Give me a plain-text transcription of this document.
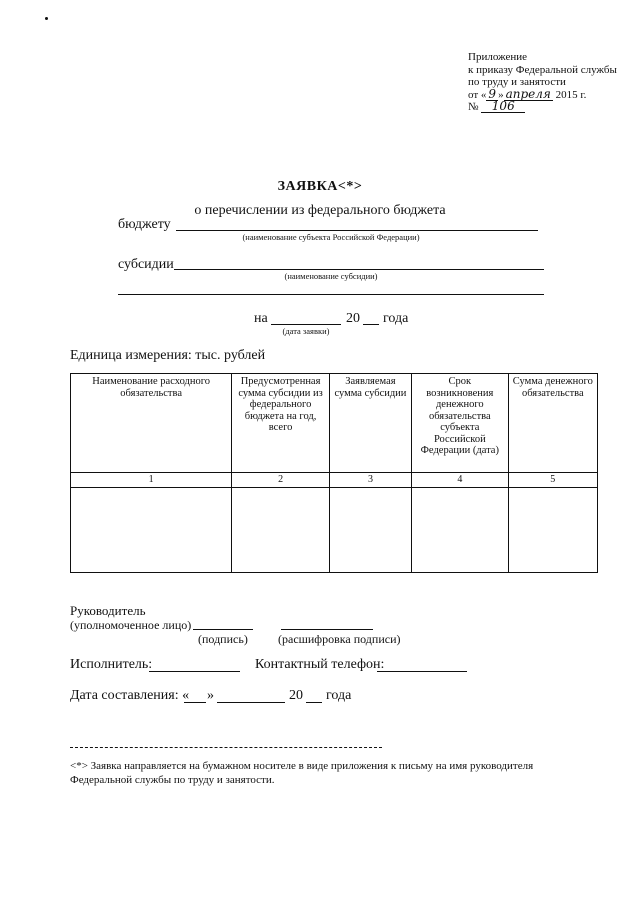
Приложение
к приказу Федеральной службы
по труду и занятости
от « 9 » апреля 2015 г.
№ 106
ЗАЯВКА<*>
о перечислении из федерального бюджета
бюджету
(наименование субъекта Российской Федерации)
субсидии
(наименование субсидии)
на	20 года
(дата заявки)
Единица измерения: тыс. рублей
Наименование расходного обязательства	Предусмотренная сумма субсидии из федерального бюджета на год, всего	Заявляемая сумма субсидии	Срок возникновения денежного обязательства субъекта Российской Федерации (дата)	Сумма денежного обязательства
1	2	3	4	5

Руководитель
(уполномоченное лицо)
(подпись)	(расшифровка подписи)
Исполнитель:	Контактный телефон:
Дата составления: « »	20 года
<*> Заявка направляется на бумажном носителе в виде приложения к письму на имя руководителя
Федеральной службы по труду и занятости.
